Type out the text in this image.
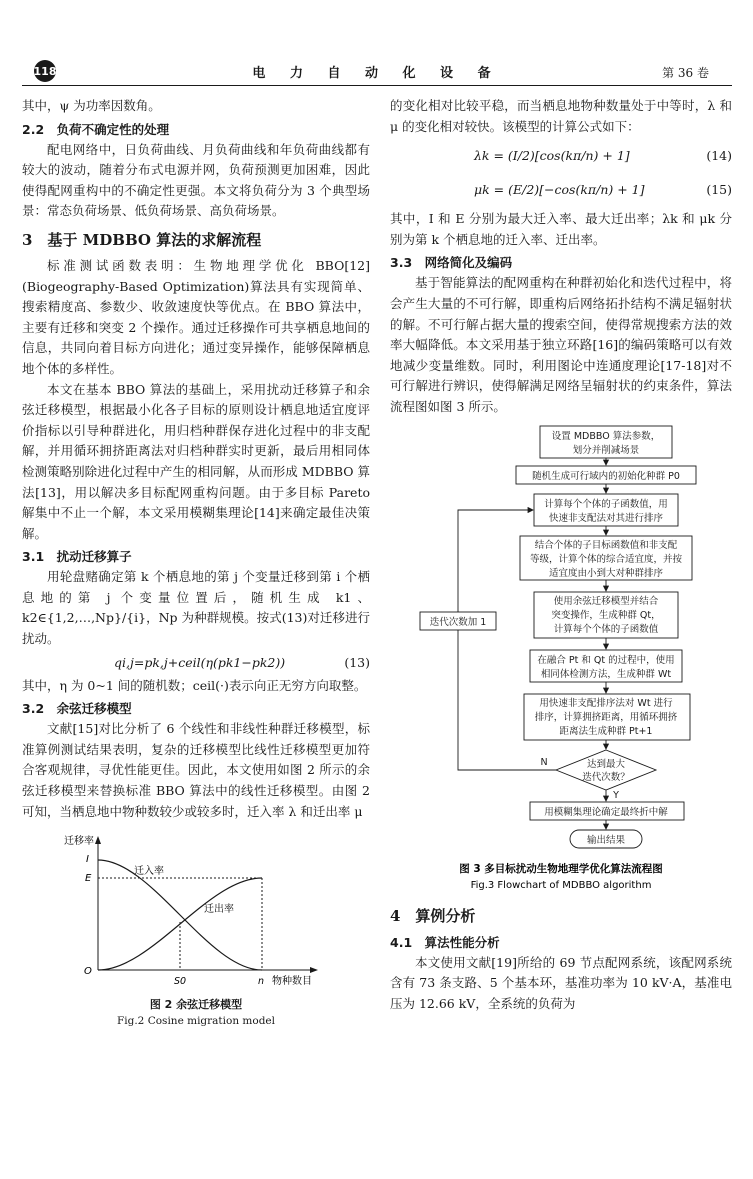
118	电 力 自 动 化 设 备	第 36 卷

其中，ψ 为功率因数角。

2.2　负荷不确定性的处理

配电网络中，日负荷曲线、月负荷曲线和年负荷曲线都有较大的波动，随着分布式电源并网，负荷预测更加困难，因此使得配网重构中的不确定性更强。本文将负荷分为 3 个典型场景：常态负荷场景、低负荷场景、高负荷场景。

3　基于 MDBBO 算法的求解流程

标准测试函数表明：生物地理学优化 BBO[12](Biogeography-Based Optimization)算法具有实现简单、搜索精度高、参数少、收敛速度快等优点。在 BBO 算法中，主要有迁移和突变 2 个操作。通过迁移操作可共享栖息地间的信息，共同向着目标方向进化；通过变异操作，能够保障栖息地个体的多样性。

本文在基本 BBO 算法的基础上，采用扰动迁移算子和余弦迁移模型，根据最小化各子目标的原则设计栖息地适宜度评价指标以引导种群进化，用归档种群保存进化过程中的非支配解，并用循环拥挤距离法对归档种群实时更新，最后用相同体检测策略别除进化过程中产生的相同解，从而形成 MDBBO 算法[13]，用以解决多目标配网重构问题。由于多目标 Pareto 解集中不止一个解，本文采用模糊集理论[14]来确定最佳决策解。

3.1　扰动迁移算子

用轮盘赌确定第 k 个栖息地的第 j 个变量迁移到第 i 个栖息地的第 j 个变量位置后，随机生成 k1、k2∈{1,2,…,Np}/{i}，Np 为种群规模。按式(13)对迁移进行扰动。

qi,j=pk,j+ceil(η(pk1−pk2))	(13)

其中，η 为 0~1 间的随机数；ceil(·)表示向正无穷方向取整。

3.2　余弦迁移模型

文献[15]对比分析了 6 个线性和非线性种群迁移模型，标准算例测试结果表明，复杂的迁移模型比线性迁移模型更加符合客观规律，寻优性能更佳。因此，本文使用如图 2 所示的余弦迁移模型来替换标准 BBO 算法中的线性迁移模型。由图 2 可知，当栖息地中物种数较少或较多时，迁入率 λ 和迁出率 μ

迁移率
I
E
O
迁入率
迁出率
S0	n 物种数目
图 2 余弦迁移模型
Fig.2 Cosine migration model

的变化相对比较平稳，而当栖息地物种数量处于中等时，λ 和 μ 的变化相对较快。该模型的计算公式如下：

λk = (I/2)[cos(kπ/n) + 1]	(14)
μk = (E/2)[−cos(kπ/n) + 1]	(15)

其中，I 和 E 分别为最大迁入率、最大迁出率；λk 和 μk 分别为第 k 个栖息地的迁入率、迁出率。

3.3　网络简化及编码

基于智能算法的配网重构在种群初始化和迭代过程中，将会产生大量的不可行解，即重构后网络拓扑结构不满足辐射状的解。不可行解占据大量的搜索空间，使得常规搜索方法的效率大幅降低。本文采用基于独立环路[16]的编码策略可以有效地减少变量维数。同时，利用图论中连通度理论[17-18]对不可行解进行辨识，使得解满足网络呈辐射状的约束条件，算法流程图如图 3 所示。

设置 MDBBO 算法参数，
划分并削减场景
随机生成可行域内的初始化种群 P0
计算每个个体的子函数值，用
快速非支配法对其进行排序
结合个体的子目标函数值和非支配
等级，计算个体的综合适宜度，并按
适宜度由小到大对种群排序
使用余弦迁移模型并结合
突变操作，生成种群 Qt，
计算每个个体的子函数值
在融合 Pt 和 Qt 的过程中，使用
相同体检测方法，生成种群 Wt
用快速非支配排序法对 Wt 进行
排序，计算拥挤距离，用循环拥挤
距离法生成种群 Pt+1
达到最大
迭代次数？
用模糊集理论确定最终折中解
输出结果
迭代次数加 1
N
Y
图 3 多目标扰动生物地理学优化算法流程图
Fig.3 Flowchart of MDBBO algorithm
4　算例分析
4.1　算法性能分析

本文使用文献[19]所给的 69 节点配网系统，该配网系统含有 73 条支路、5 个基本环，基准功率为 10 kV·A，基准电压为 12.66 kV，全系统的负荷为
